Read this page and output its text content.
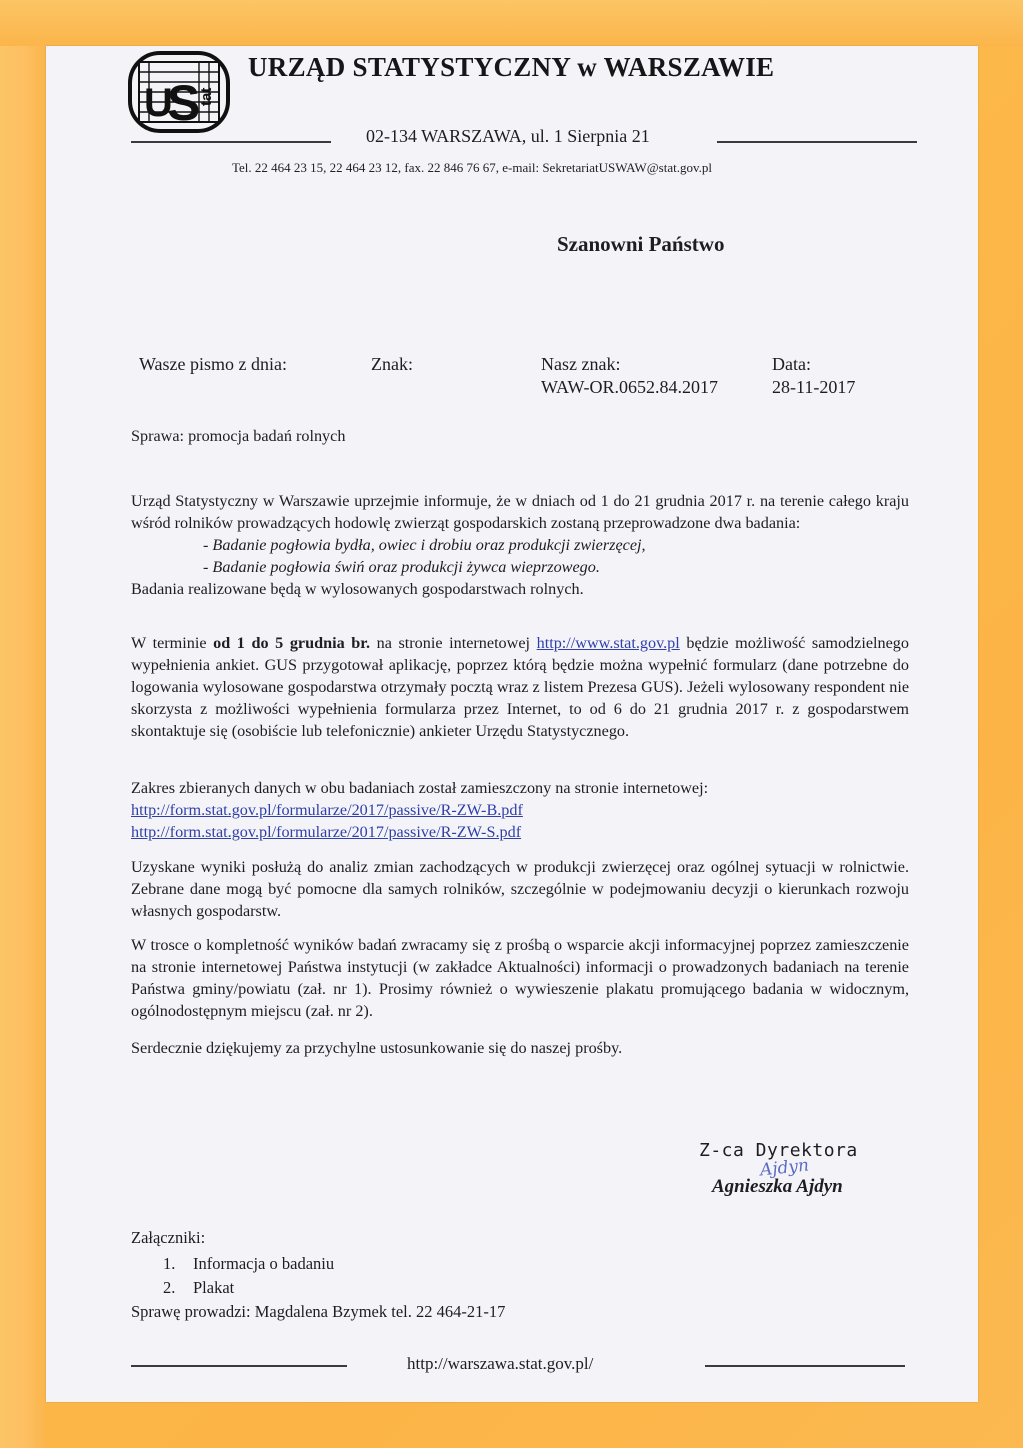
U
S
tat
URZĄD STATYSTYCZNY w WARSZAWIE
02-134 WARSZAWA, ul. 1 Sierpnia 21
Tel. 22 464 23 15, 22 464 23 12, fax. 22 846 76 67, e-mail: SekretariatUSWAW@stat.gov.pl
Szanowni Państwo
Wasze pismo z dnia:	Znak:	Nasz znak:
WAW-OR.0652.84.2017
Data:
28-11-2017
Sprawa: promocja badań rolnych
Urząd Statystyczny w Warszawie uprzejmie informuje, że w dniach od 1 do 21 grudnia 2017 r. na terenie całego kraju wśród rolników prowadzących hodowlę zwierząt gospodarskich zostaną przeprowadzone dwa badania:
- Badanie pogłowia bydła, owiec i drobiu oraz produkcji zwierzęcej,
- Badanie pogłowia świń oraz produkcji żywca wieprzowego.
Badania realizowane będą w wylosowanych gospodarstwach rolnych.
W terminie od 1 do 5 grudnia br. na stronie internetowej http://www.stat.gov.pl będzie możliwość samodzielnego wypełnienia ankiet. GUS przygotował aplikację, poprzez którą będzie można wypełnić formularz (dane potrzebne do logowania wylosowane gospodarstwa otrzymały pocztą wraz z listem Prezesa GUS). Jeżeli wylosowany respondent nie skorzysta z możliwości wypełnienia formularza przez Internet, to od 6 do 21 grudnia 2017 r. z gospodarstwem skontaktuje się (osobiście lub telefonicznie) ankieter Urzędu Statystycznego.
Zakres zbieranych danych w obu badaniach został zamieszczony na stronie internetowej:
http://form.stat.gov.pl/formularze/2017/passive/R-ZW-B.pdf
http://form.stat.gov.pl/formularze/2017/passive/R-ZW-S.pdf
Uzyskane wyniki posłużą do analiz zmian zachodzących w produkcji zwierzęcej oraz ogólnej sytuacji w rolnictwie. Zebrane dane mogą być pomocne dla samych rolników, szczególnie w podejmowaniu decyzji o kierunkach rozwoju własnych gospodarstw.
W trosce o kompletność wyników badań zwracamy się z prośbą o wsparcie akcji informacyjnej poprzez zamieszczenie na stronie internetowej Państwa instytucji (w zakładce Aktualności) informacji o prowadzonych badaniach na terenie Państwa gminy/powiatu (zał. nr 1). Prosimy również o wywieszenie plakatu promującego badania w widocznym, ogólnodostępnym miejscu (zał. nr 2).
Serdecznie dziękujemy za przychylne ustosunkowanie się do naszej prośby.
Z-ca Dyrektora
Ajdyn
Agnieszka Ajdyn
Załączniki:
1. Informacja o badaniu
2. Plakat
Sprawę prowadzi: Magdalena Bzymek tel. 22 464-21-17
http://warszawa.stat.gov.pl/
